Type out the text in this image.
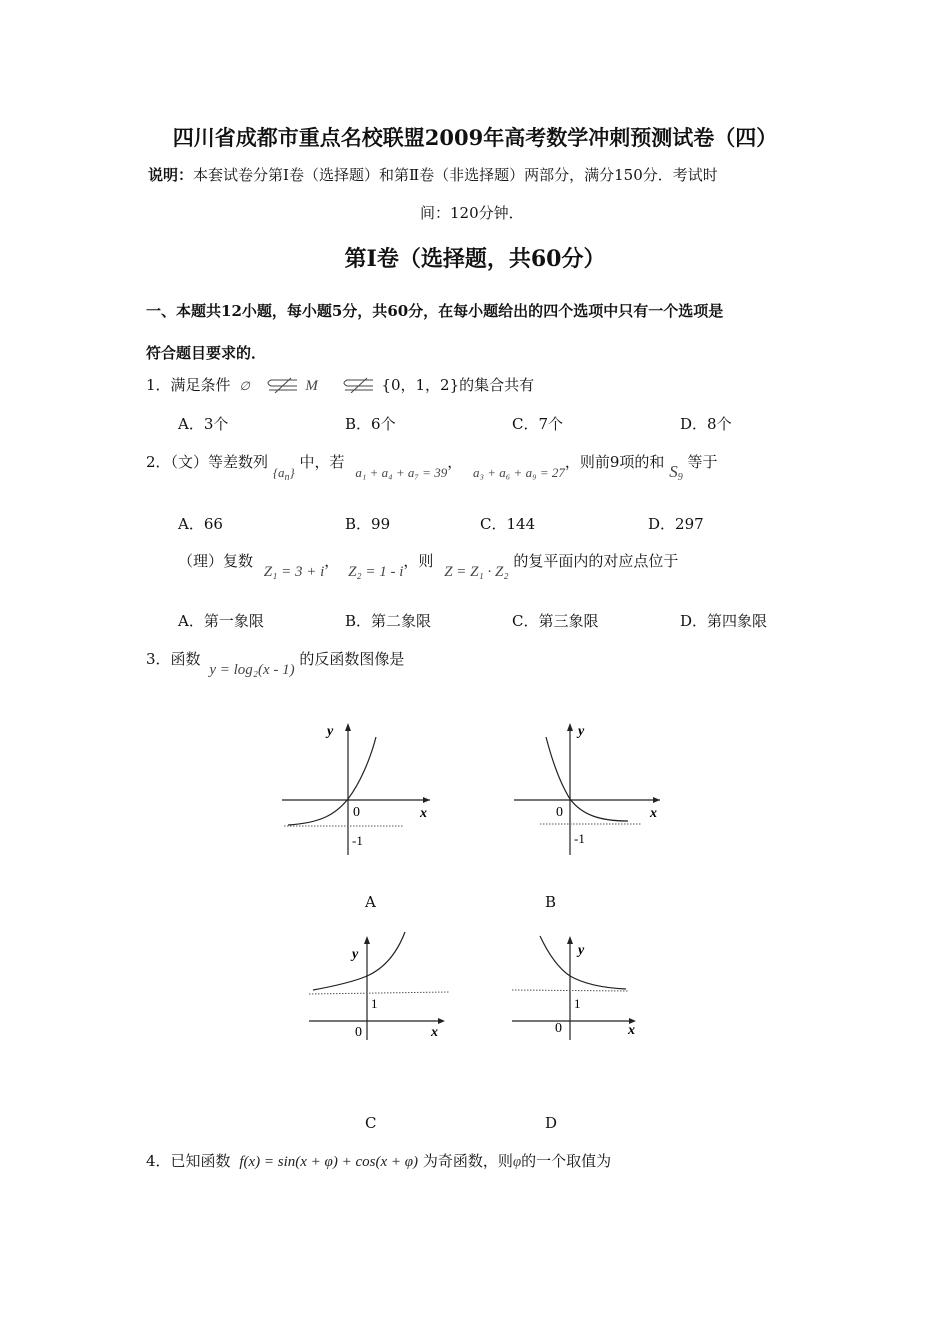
四川省成都市重点名校联盟2009年高考数学冲刺预测试卷（四）
说明：本套试卷分第Ⅰ卷（选择题）和第Ⅱ卷（非选择题）两部分，满分150分．考试时
间：120分钟．
第Ⅰ卷（选择题，共60分）
一、本题共12小题，每小题5分，共60分，在每小题给出的四个选项中只有一个选项是
符合题目要求的．
1．满足条件 ∅	M	{0，1，2}的集合共有
A．3个	B．6个	C．7个	D．8个
2．（文）等差数列 $\{a_n\}$ 中，若 a₁ + a₄ + a₇ = 39， a₃ + a₆ + a₉ = 27，则前9项的和 $S_9$ 等于
A．66	B．99	C．144	D．297
（理）复数 Z₁ = 3 + i， Z₂ = 1 - i，则 Z = Z₁ · Z₂ 的复平面内的对应点位于
A．第一象限	B．第二象限	C．第三象限	D．第四象限
3．函数 y = log₂(x - 1) 的反函数图像是
y
x
0
-1
A
y
x
0
-1
B
y
x
0
1
C
y
x
0
1
D
4．已知函数 f(x) = sin(x + φ) + cos(x + φ) 为奇函数，则φ的一个取值为
